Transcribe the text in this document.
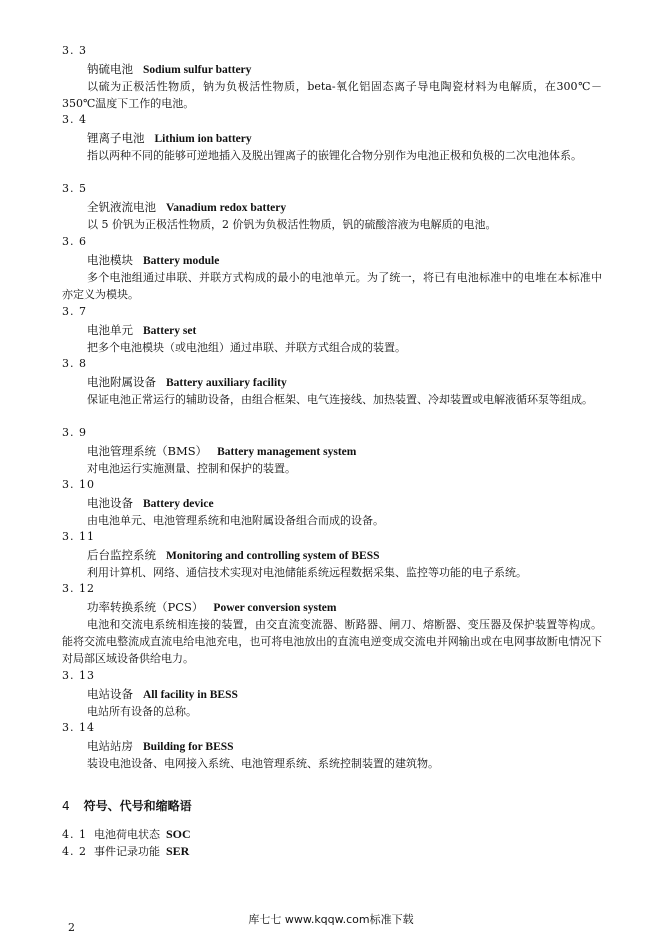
3. 3
钠硫电池 Sodium sulfur battery
以硫为正极活性物质，钠为负极活性物质，beta-氧化铝固态离子导电陶瓷材料为电解质，在300℃－350℃温度下工作的电池。
3. 4
锂离子电池 Lithium ion battery
指以两种不同的能够可逆地插入及脱出锂离子的嵌锂化合物分别作为电池正极和负极的二次电池体系。
3. 5
全钒液流电池 Vanadium redox battery
以 5 价钒为正极活性物质，2 价钒为负极活性物质，钒的硫酸溶液为电解质的电池。
3. 6
电池模块 Battery module
多个电池组通过串联、并联方式构成的最小的电池单元。为了统一，将已有电池标准中的电堆在本标准中亦定义为模块。
3. 7
电池单元 Battery set
把多个电池模块（或电池组）通过串联、并联方式组合成的装置。
3. 8
电池附属设备 Battery auxiliary facility
保证电池正常运行的辅助设备，由组合框架、电气连接线、加热装置、冷却装置或电解液循环泵等组成。
3. 9
电池管理系统（BMS） Battery management system
对电池运行实施测量、控制和保护的装置。
3. 10
电池设备 Battery device
由电池单元、电池管理系统和电池附属设备组合而成的设备。
3. 11
后台监控系统 Monitoring and controlling system of BESS
利用计算机、网络、通信技术实现对电池储能系统远程数据采集、监控等功能的电子系统。
3. 12
功率转换系统（PCS） Power conversion system
电池和交流电系统相连接的装置，由交直流变流器、断路器、闸刀、熔断器、变压器及保护装置等构成。能将交流电整流成直流电给电池充电，也可将电池放出的直流电逆变成交流电并网输出或在电网事故断电情况下对局部区域设备供给电力。
3. 13
电站设备 All facility in BESS
电站所有设备的总称。
3. 14
电站站房 Building for BESS
装设电池设备、电网接入系统、电池管理系统、系统控制装置的建筑物。
4 符号、代号和缩略语
4. 1 电池荷电状态 SOC
4. 2 事件记录功能 SER
库七七 www.kqqw.com标准下载
2
